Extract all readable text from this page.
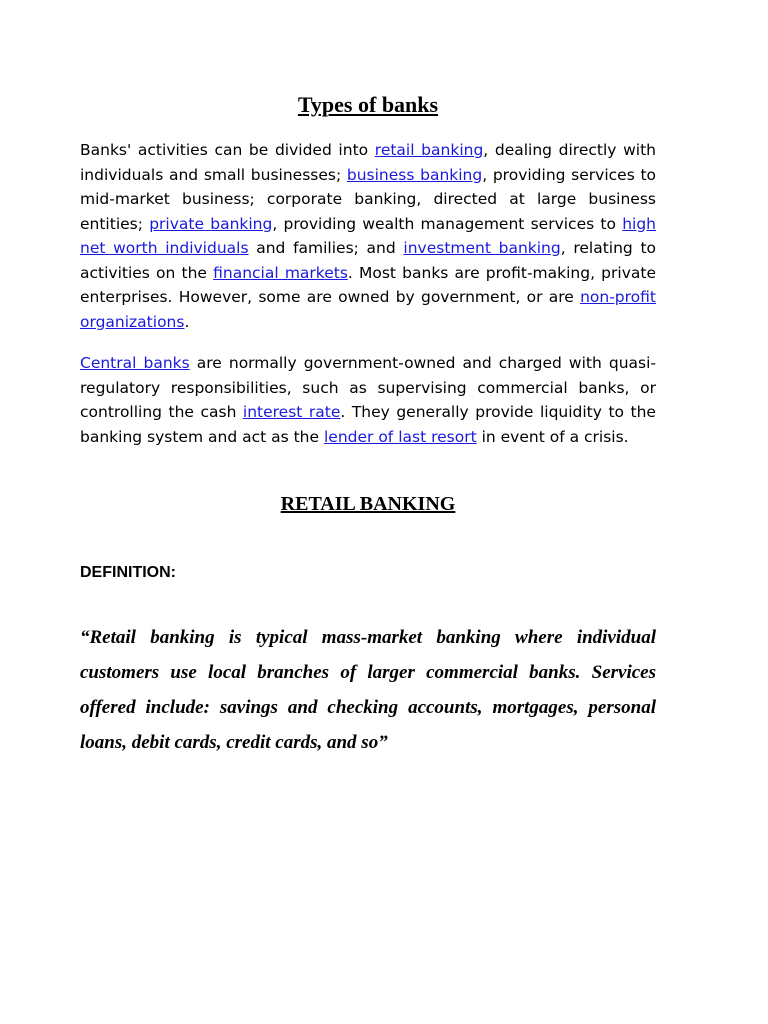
Types of banks

Banks' activities can be divided into retail banking, dealing directly with individuals and small businesses; business banking, providing services to mid-market business; corporate banking, directed at large business entities; private banking, providing wealth management services to high net worth individuals and families; and investment banking, relating to activities on the financial markets. Most banks are profit-making, private enterprises. However, some are owned by government, or are non-profit organizations.

Central banks are normally government-owned and charged with quasi-regulatory responsibilities, such as supervising commercial banks, or controlling the cash interest rate. They generally provide liquidity to the banking system and act as the lender of last resort in event of a crisis.

RETAIL BANKING
DEFINITION:

“Retail banking is typical mass-market banking where individual customers use local branches of larger commercial banks. Services offered include: savings and checking accounts, mortgages, personal loans, debit cards, credit cards, and so”
